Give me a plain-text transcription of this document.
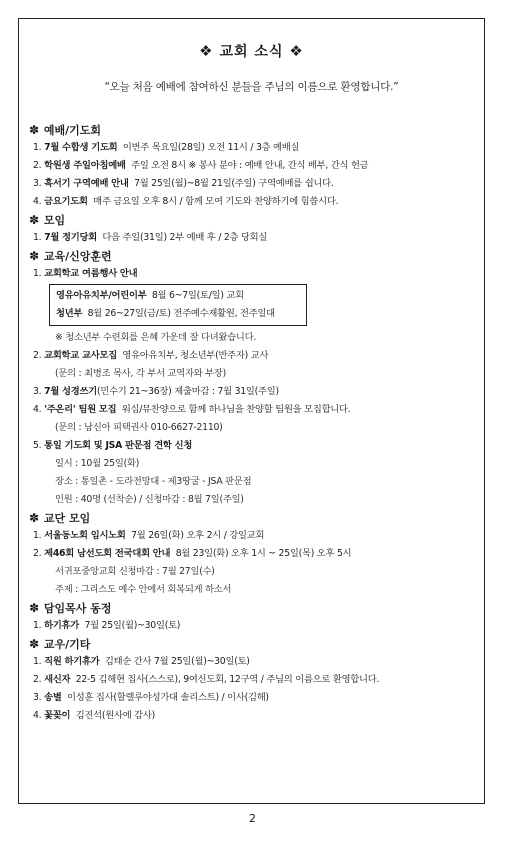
❖ 교회 소식 ❖
“오늘 처음 예배에 참여하신 분들을 주님의 이름으로 환영합니다.”
✽ 예배/기도회
1. 7월 수합생 기도회 이번주 목요일(28일) 오전 11시 / 3층 예배실
2. 학원생 주일아침예배 주일 오전 8시 ※ 봉사 분야 : 예배 안내, 간식 배부, 간식 헌금
3. 흑서기 구역예배 안내 7월 25일(월)~8월 21일(주일) 구역예배를 쉽니다.
4. 금요기도회 매주 금요일 오후 8시 / 함께 모여 기도와 찬양하기에 힘씁시다.
✽ 모임
1. 7월 정기당회 다음 주일(31일) 2부 예배 후 / 2층 당회실
✽ 교육/신앙훈련
1. 교회학교 여름행사 안내
영유아유치부/어린이부 8월 6~7일(토/일) 교회
청년부 8월 26~27일(금/토) 전주예수재활원, 전주일대
※ 청소년부 수련회를 은혜 가운데 잘 다녀왔습니다.
2. 교회학교 교사모집 영유아유치부, 청소년부(반주자) 교사
(문의 : 최병조 목사, 각 부서 교역자와 부장)
3. 7월 성경쓰기(민수기 21~36장) 제출마감 : 7월 31일(주일)
4. '주온리' 팀원 모집 워십/뮤찬양으로 함께 하나님을 찬양할 팀원을 모집합니다.
(문의 : 남신아 피택권사 010-6627-2110)
5. 통일 기도회 및 JSA 판문점 견학 신청
일시 : 10월 25일(화)
장소 : 통일촌 - 도라전망대 - 제3땅굴 - JSA 판문점
인원 : 40명 (선착순) / 신청마감 : 8월 7일(주일)
✽ 교단 모임
1. 서울동노회 임시노회 7월 26일(화) 오후 2시 / 강일교회
2. 제46회 남선도회 전국대회 안내 8월 23일(화) 오후 1시 ~ 25일(목) 오후 5시
서귀포중앙교회 신청마감 : 7월 27일(수)
주제 : 그리스도 예수 안에서 회복되게 하소서
✽ 담임목사 동정
1. 하기휴가 7월 25일(월)~30일(토)
✽ 교우/기타
1. 직원 하기휴가 김태순 간사 7월 25일(월)~30일(토)
2. 새신자 22-5 김해현 집사(스스로), 9여신도회, 12구역 / 주님의 이름으로 환영합니다.
3. 송별 이성훈 집사(할렐루야성가대 솔리스트) / 이사(김해)
4. 꽃꽂이 김진석(원사에 감사)
2
